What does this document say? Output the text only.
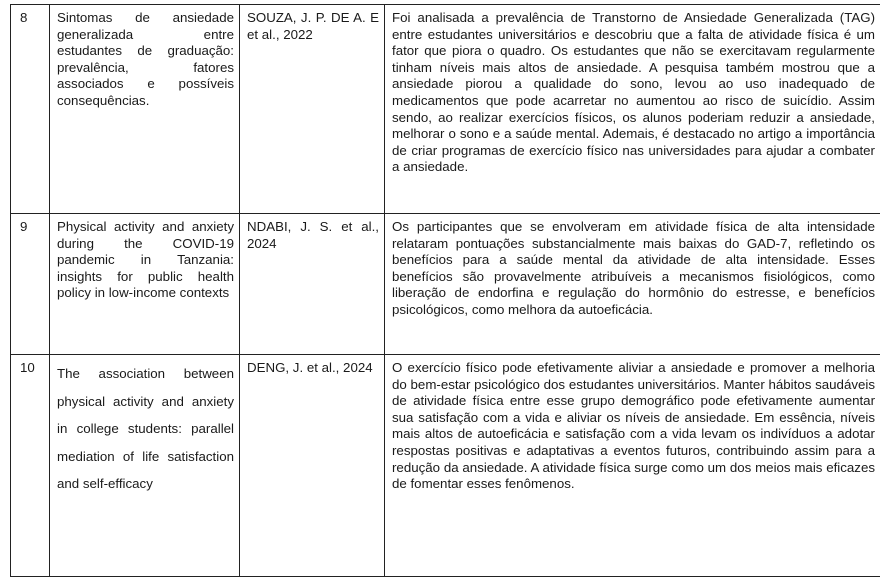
8	Sintomas de ansiedade generalizada entre estudantes de graduação: prevalência, fatores associados e possíveis consequências.	SOUZA, J. P. DE A. E et al., 2022	Foi analisada a prevalência de Transtorno de Ansiedade Generalizada (TAG) entre estudantes universitários e descobriu que a falta de atividade física é um fator que piora o quadro. Os estudantes que não se exercitavam regularmente tinham níveis mais altos de ansiedade. A pesquisa também mostrou que a ansiedade piorou a qualidade do sono, levou ao uso inadequado de medicamentos que pode acarretar no aumentou ao risco de suicídio. Assim sendo, ao realizar exercícios físicos, os alunos poderiam reduzir a ansiedade, melhorar o sono e a saúde mental. Ademais, é destacado no artigo a importância de criar programas de exercício físico nas universidades para ajudar a combater a ansiedade.
9	Physical activity and anxiety during the COVID-19 pandemic in Tanzania: insights for public health policy in low-income contexts	NDABI, J. S. et al., 2024	Os participantes que se envolveram em atividade física de alta intensidade relataram pontuações substancialmente mais baixas do GAD-7, refletindo os benefícios para a saúde mental da atividade de alta intensidade. Esses benefícios são provavelmente atribuíveis a mecanismos fisiológicos, como liberação de endorfina e regulação do hormônio do estresse, e benefícios psicológicos, como melhora da autoeficácia.
10	The association between physical activity and anxiety in college students: parallel mediation of life satisfaction and self-efficacy	DENG, J. et al., 2024	O exercício físico pode efetivamente aliviar a ansiedade e promover a melhoria do bem-estar psicológico dos estudantes universitários. Manter hábitos saudáveis de atividade física entre esse grupo demográfico pode efetivamente aumentar sua satisfação com a vida e aliviar os níveis de ansiedade. Em essência, níveis mais altos de autoeficácia e satisfação com a vida levam os indivíduos a adotar respostas positivas e adaptativas a eventos futuros, contribuindo assim para a redução da ansiedade. A atividade física surge como um dos meios mais eficazes de fomentar esses fenômenos.
